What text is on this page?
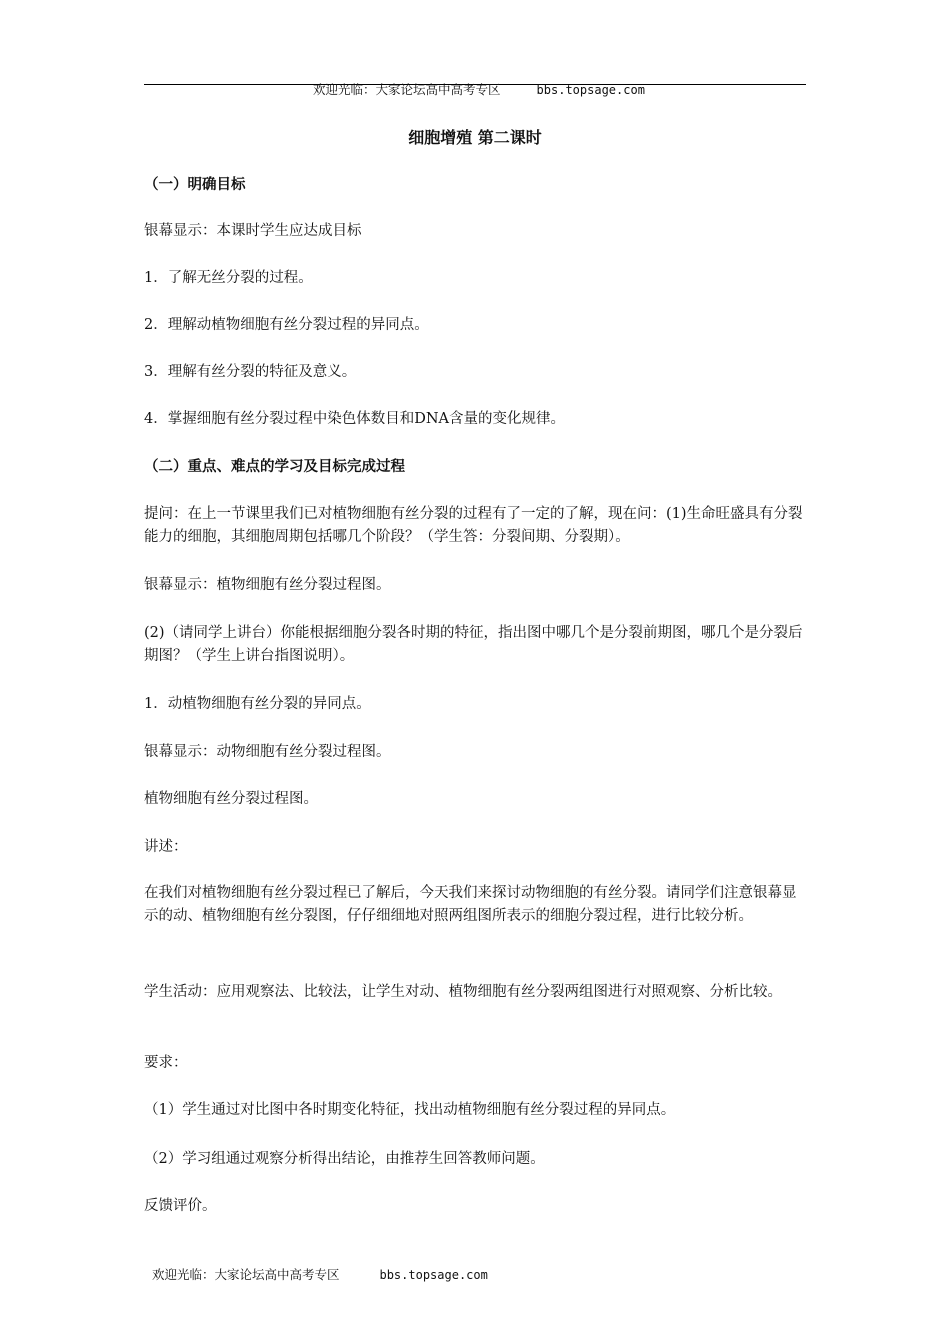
欢迎光临：大家论坛高中高考专区	bbs.topsage.com

细胞增殖 第二课时
（一）明确目标
银幕显示：本课时学生应达成目标
1．了解无丝分裂的过程。
2．理解动植物细胞有丝分裂过程的异同点。
3．理解有丝分裂的特征及意义。
4．掌握细胞有丝分裂过程中染色体数目和DNA含量的变化规律。
（二）重点、难点的学习及目标完成过程
提问：在上一节课里我们已对植物细胞有丝分裂的过程有了一定的了解，现在问：(1)生命旺盛具有分裂能力的细胞，其细胞周期包括哪几个阶段？（学生答：分裂间期、分裂期）。
银幕显示：植物细胞有丝分裂过程图。
(2)（请同学上讲台）你能根据细胞分裂各时期的特征，指出图中哪几个是分裂前期图，哪几个是分裂后期图？（学生上讲台指图说明）。
1．动植物细胞有丝分裂的异同点。
银幕显示：动物细胞有丝分裂过程图。
植物细胞有丝分裂过程图。
讲述：
在我们对植物细胞有丝分裂过程已了解后，今天我们来探讨动物细胞的有丝分裂。请同学们注意银幕显示的动、植物细胞有丝分裂图，仔仔细细地对照两组图所表示的细胞分裂过程，进行比较分析。
学生活动：应用观察法、比较法，让学生对动、植物细胞有丝分裂两组图进行对照观察、分析比较。
要求：
（1）学生通过对比图中各时期变化特征，找出动植物细胞有丝分裂过程的异同点。
（2）学习组通过观察分析得出结论，由推荐生回答教师问题。
反馈评价。

欢迎光临：大家论坛高中高考专区	bbs.topsage.com
